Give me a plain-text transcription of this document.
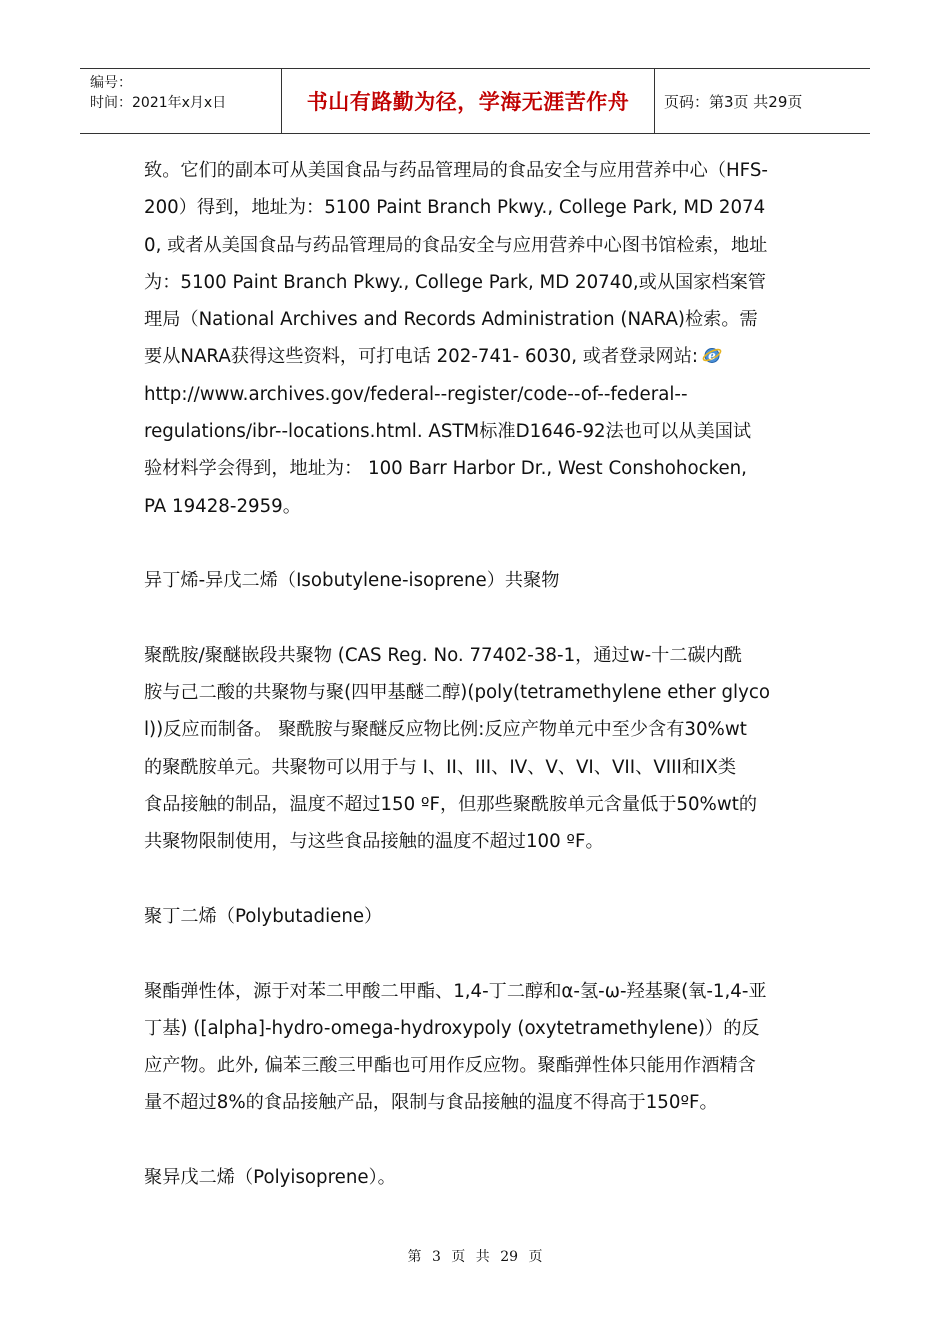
编号：
时间：2021年x月x日	书山有路勤为径，学海无涯苦作舟	页码：第3页 共29页
致。它们的副本可从美国食品与药品管理局的食品安全与应用营养中心（HFS-
200）得到，地址为：5100 Paint Branch Pkwy., College Park, MD 2074
0, 或者从美国食品与药品管理局的食品安全与应用营养中心图书馆检索，地址
为：5100 Paint Branch Pkwy., College Park, MD 20740,或从国家档案管
理局（National Archives and Records Administration (NARA)检索。需
要从NARA获得这些资料，可打电话 202-741- 6030, 或者登录网站: e
http://www.archives.gov/federal--register/code--of--federal--
regulations/ibr--locations.html. ASTM标准D1646-92法也可以从美国试
验材料学会得到，地址为： 100 Barr Harbor Dr., West Conshohocken,
PA 19428-2959。
异丁烯-异戊二烯（Isobutylene-isoprene）共聚物
聚酰胺/聚醚嵌段共聚物 (CAS Reg. No. 77402-38-1，通过w-十二碳内酰
胺与己二酸的共聚物与聚(四甲基醚二醇)(poly(tetramethylene ether glyco
l))反应而制备。 聚酰胺与聚醚反应物比例:反应产物单元中至少含有30%wt
的聚酰胺单元。共聚物可以用于与 I、II、III、IV、V、VI、VII、VIII和IX类
食品接触的制品，温度不超过150 ºF，但那些聚酰胺单元含量低于50%wt的
共聚物限制使用，与这些食品接触的温度不超过100 ºF。
聚丁二烯（Polybutadiene）
聚酯弹性体，源于对苯二甲酸二甲酯、1,4-丁二醇和α-氢-ω-羟基聚(氧-1,4-亚
丁基) ([alpha]-hydro-omega-hydroxypoly (oxytetramethylene)）的反
应产物。此外, 偏苯三酸三甲酯也可用作反应物。聚酯弹性体只能用作酒精含
量不超过8%的食品接触产品，限制与食品接触的温度不得高于150ºF。
聚异戊二烯（Polyisoprene）。
第 3 页 共 29 页
